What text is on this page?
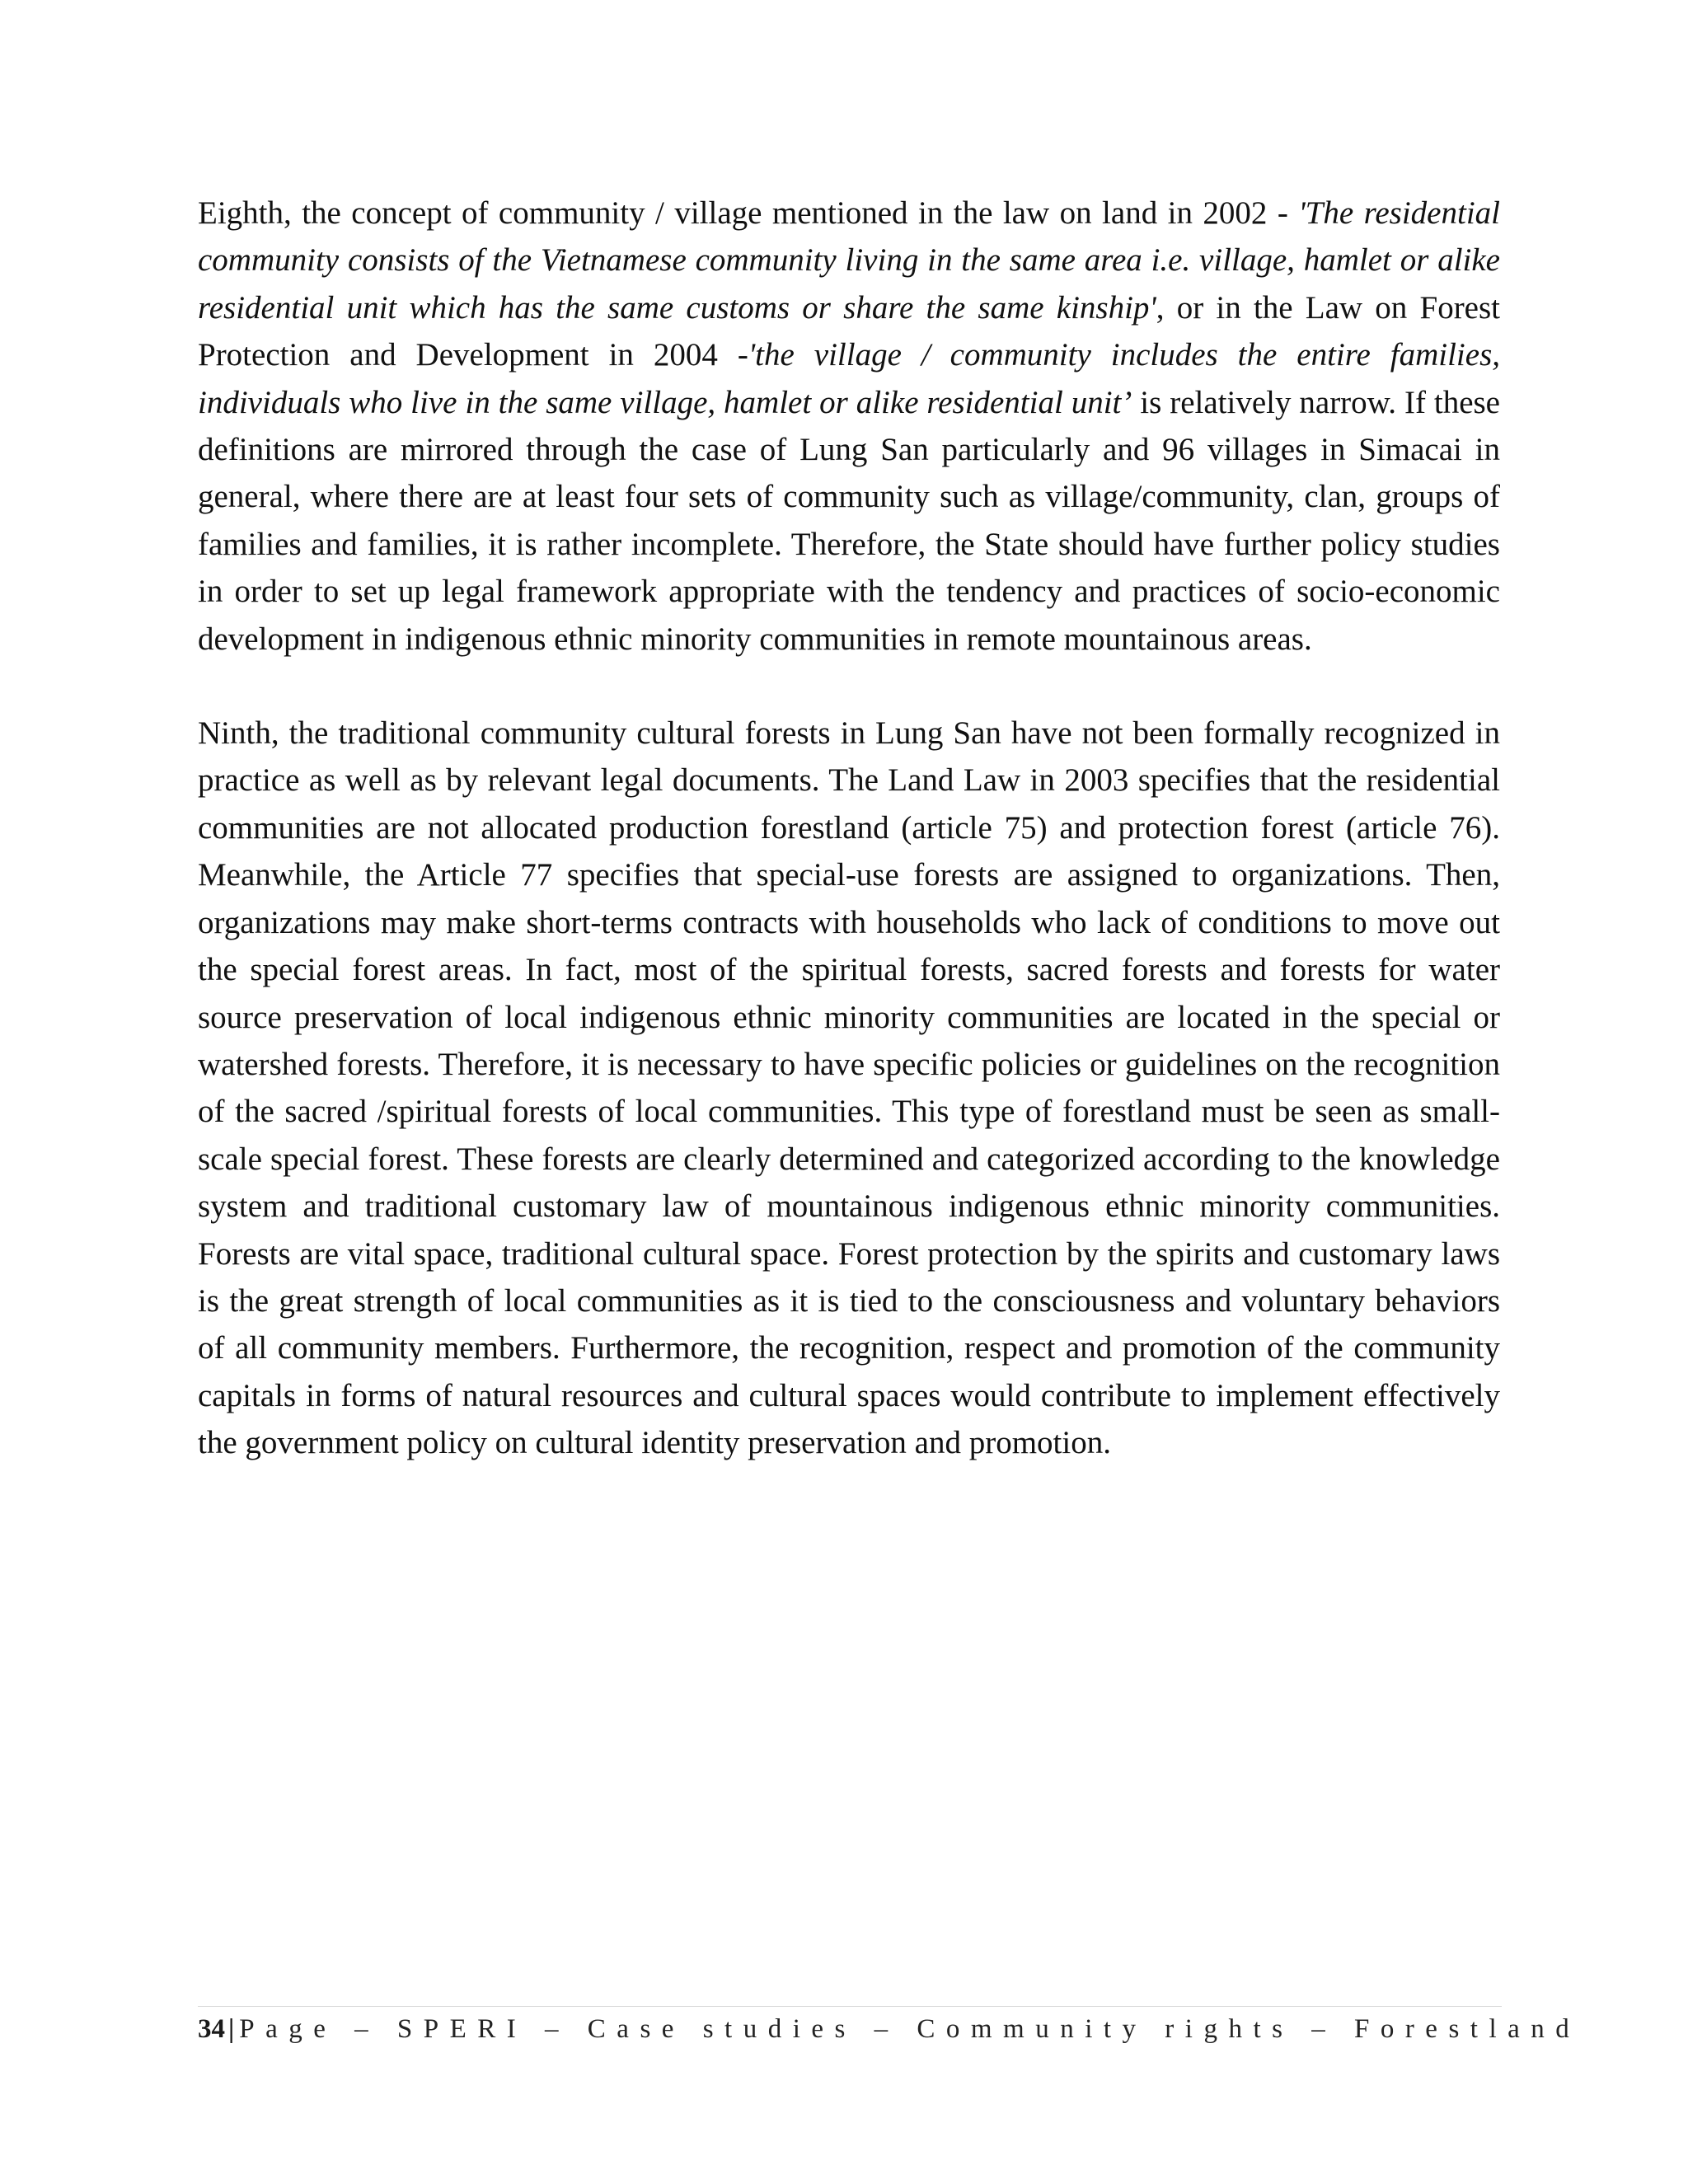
Eighth, the concept of community / village mentioned in the law on land in 2002 - 'The residential community consists of the Vietnamese community living in the same area i.e. village, hamlet or alike residential unit which has the same customs or share the same kinship', or in the Law on Forest Protection and Development in 2004 -'the village / community includes the entire families, individuals who live in the same village, hamlet or alike residential unit’ is relatively narrow. If these definitions are mirrored through the case of Lung San particularly and 96 villages in Simacai in general, where there are at least four sets of community such as village/community, clan, groups of families and families, it is rather incomplete. Therefore, the State should have further policy studies in order to set up legal framework appropriate with the tendency and practices of socio-economic development in indigenous ethnic minority communities in remote mountainous areas.

Ninth, the traditional community cultural forests in Lung San have not been formally recognized in practice as well as by relevant legal documents. The Land Law in 2003 specifies that the residential communities are not allocated production forestland (article 75) and protection forest (article 76). Meanwhile, the Article 77 specifies that special-use forests are assigned to organizations. Then, organizations may make short-terms contracts with households who lack of conditions to move out the special forest areas. In fact, most of the spiritual forests, sacred forests and forests for water source preservation of local indigenous ethnic minority communities are located in the special or watershed forests. Therefore, it is necessary to have specific policies or guidelines on the recognition of the sacred /spiritual forests of local communities. This type of forestland must be seen as small-scale special forest. These forests are clearly determined and categorized according to the knowledge system and traditional customary law of mountainous indigenous ethnic minority communities. Forests are vital space, traditional cultural space. Forest protection by the spirits and customary laws is the great strength of local communities as it is tied to the consciousness and voluntary behaviors of all community members. Furthermore, the recognition, respect and promotion of the community capitals in forms of natural resources and cultural spaces would contribute to implement effectively the government policy on cultural identity preservation and promotion.

34 | Page – SPERI – Case studies – Community rights – Forestland
